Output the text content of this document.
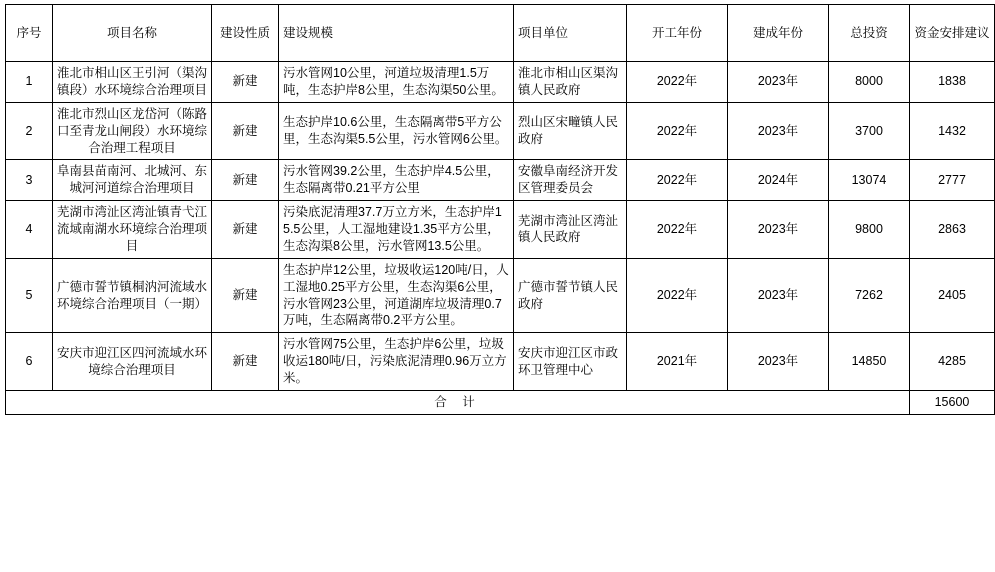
序号	项目名称	建设性质	建设规模	项目单位	开工年份	建成年份	总投资	资金安排建议
1	淮北市相山区王引河（渠沟镇段）水环境综合治理项目	新建	污水管网10公里，河道垃圾清理1.5万吨，生态护岸8公里，生态沟渠50公里。	淮北市相山区渠沟镇人民政府	2022年	2023年	8000	1838
2	淮北市烈山区龙岱河（陈路口至青龙山闸段）水环境综合治理工程项目	新建	生态护岸10.6公里，生态隔离带5平方公里，生态沟渠5.5公里，污水管网6公里。	烈山区宋疃镇人民政府	2022年	2023年	3700	1432
3	阜南县苗南河、北城河、东城河河道综合治理项目	新建	污水管网39.2公里，生态护岸4.5公里，生态隔离带0.21平方公里	安徽阜南经济开发区管理委员会	2022年	2024年	13074	2777
4	芜湖市湾沚区湾沚镇青弋江流域南湖水环境综合治理项目	新建	污染底泥清理37.7万立方米，生态护岸15.5公里，人工湿地建设1.35平方公里，生态沟渠8公里，污水管网13.5公里。	芜湖市湾沚区湾沚镇人民政府	2022年	2023年	9800	2863
5	广德市誓节镇桐汭河流域水环境综合治理项目（一期）	新建	生态护岸12公里，垃圾收运120吨/日，人工湿地0.25平方公里，生态沟渠6公里，污水管网23公里，河道湖库垃圾清理0.7万吨，生态隔离带0.2平方公里。	广德市誓节镇人民政府	2022年	2023年	7262	2405
6	安庆市迎江区四河流域水环境综合治理项目	新建	污水管网75公里，生态护岸6公里，垃圾收运180吨/日，污染底泥清理0.96万立方米。	安庆市迎江区市政环卫管理中心	2021年	2023年	14850	4285
合 计								15600
